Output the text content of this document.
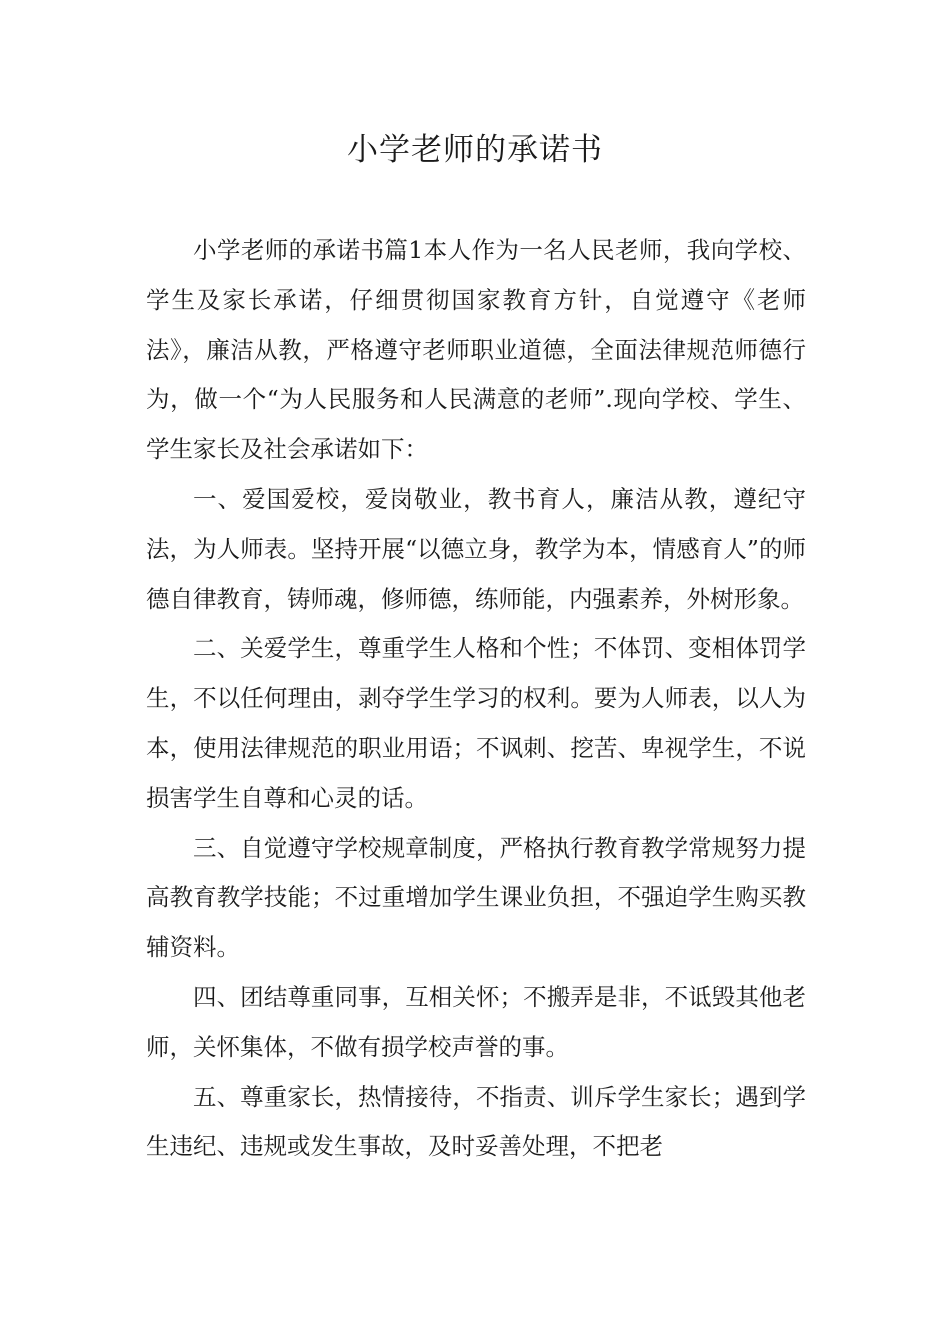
小学老师的承诺书

小学老师的承诺书篇1本人作为一名人民老师，我向学校、学生及家长承诺，仔细贯彻国家教育方针，自觉遵守《老师法》，廉洁从教，严格遵守老师职业道德，全面法律规范师德行为，做一个“为人民服务和人民满意的老师”.现向学校、学生、学生家长及社会承诺如下：

一、爱国爱校，爱岗敬业，教书育人，廉洁从教，遵纪守法，为人师表。坚持开展“以德立身，教学为本，情感育人”的师德自律教育，铸师魂，修师德，练师能，内强素养，外树形象。

二、关爱学生，尊重学生人格和个性；不体罚、变相体罚学生，不以任何理由，剥夺学生学习的权利。要为人师表，以人为本，使用法律规范的职业用语；不讽刺、挖苦、卑视学生，不说损害学生自尊和心灵的话。

三、自觉遵守学校规章制度，严格执行教育教学常规努力提高教育教学技能；不过重增加学生课业负担，不强迫学生购买教辅资料。

四、团结尊重同事，互相关怀；不搬弄是非，不诋毁其他老师，关怀集体，不做有损学校声誉的事。

五、尊重家长，热情接待，不指责、训斥学生家长；遇到学生违纪、违规或发生事故，及时妥善处理，不把老
